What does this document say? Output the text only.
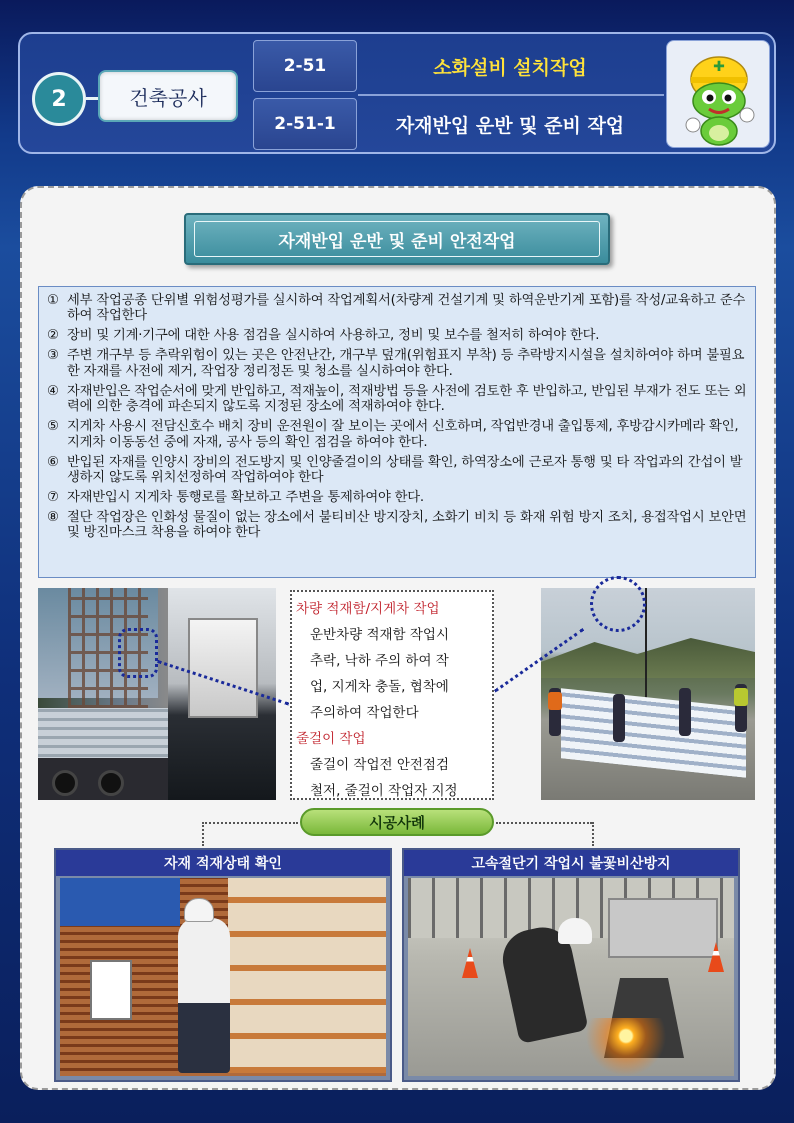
2	건축공사
2-51	소화설비 설치작업
2-51-1	자재반입 운반 및 준비 작업
✚
자재반입 운반 및 준비 안전작업
① 세부 작업공종 단위별 위험성평가를 실시하여 작업계획서(차량계 건설기계 및 하역운반기계 포함)를 작성/교육하고 준수하여 작업한다
② 장비 및 기계·기구에 대한 사용 점검을 실시하여 사용하고, 정비 및 보수를 철저히 하여야 한다.
③ 주변 개구부 등 추락위험이 있는 곳은 안전난간, 개구부 덮개(위험표지 부착) 등 추락방지시설을 설치하여야 하며 불필요한 자재를 사전에 제거, 작업장 정리정돈 및 청소를 실시하여야 한다.
④ 자재반입은 작업순서에 맞게 반입하고, 적재높이, 적재방법 등을 사전에 검토한 후 반입하고, 반입된 부재가 전도 또는 외력에 의한 충격에 파손되지 않도록 지정된 장소에 적재하여야 한다.
⑤ 지게차 사용시 전담신호수 배치 장비 운전원이 잘 보이는 곳에서 신호하며, 작업반경내 출입통제, 후방감시카메라 확인, 지게차 이동동선 중에 자재, 공사 등의 확인 점검을 하여야 한다.
⑥ 반입된 자재를 인양시 장비의 전도방지 및 인양줄걸이의 상태를 확인, 하역장소에 근로자 통행 및 타 작업과의 간섭이 발생하지 않도록 위치선정하여 작업하여야 한다
⑦ 자재반입시 지게차 통행로를 확보하고 주변을 통제하여야 한다.
⑧ 절단 작업장은 인화성 물질이 없는 장소에서 불티비산 방지장치, 소화기 비치 등 화재 위험 방지 조치, 용접작업시 보안면 및 방진마스크 착용을 하여야 한다
차량 적재함/지게차 작업
운반차량 적재함 작업시
추락, 낙하 주의 하여 작
업, 지게차 충돌, 협착에
주의하여 작업한다
줄걸이 작업
줄걸이 작업전 안전점검
철저, 줄걸이 작업자 지정
시공사례
자재 적재상태 확인	고속절단기 작업시 불꽃비산방지
